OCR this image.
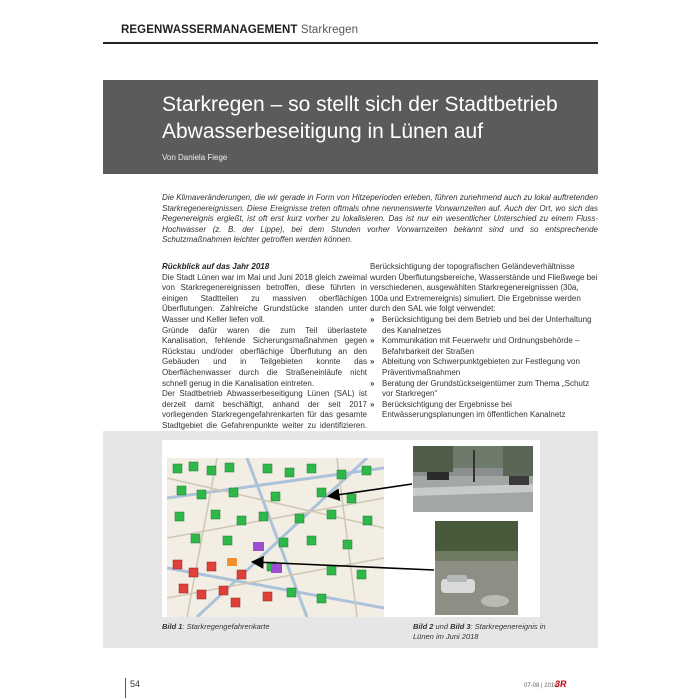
REGENWASSERMANAGEMENT Starkregen
Starkregen – so stellt sich der Stadtbetrieb
Abwasserbeseitigung in Lünen auf
Von Daniela Fiege
Die Klimaveränderungen, die wir gerade in Form von Hitzeperioden erleben, führen zunehmend auch zu lokal auftretenden Starkregenereignissen. Diese Ereignisse treten oftmals ohne nennenswerte Vorwarnzeiten auf. Auch der Ort, wo sich das Regenereignis ergießt, ist oft erst kurz vorher zu lokalisieren. Das ist nur ein wesentlicher Unterschied zu einem Fluss-Hochwasser (z. B. der Lippe), bei dem Stunden vorher Vorwarnzeiten bekannt sind und so entsprechende Schutzmaßnahmen leichter getroffen werden können.

Rückblick auf das Jahr 2018

Die Stadt Lünen war im Mai und Juni 2018 gleich zweimal von Starkregenereignissen betroffen, diese führten in einigen Stadtteilen zu massiven oberflächigen Überflutungen. Zahlreiche Grundstücke standen unter Wasser und Keller liefen voll.

Gründe dafür waren die zum Teil überlastete Kanalisation, fehlende Sicherungsmaßnahmen gegen Rückstau und/oder oberflächige Überflutung an den Gebäuden und in Teilgebieten konnte das Oberflächenwasser durch die Straßeneinläufe nicht schnell genug in die Kanalisation eintreten.

Der Stadtbetrieb Abwasserbeseitigung Lünen (SAL) ist derzeit damit beschäftigt, anhand der seit 2017 vorliegenden Starkregengefahrenkarten für das gesamte Stadtgebiet die Gefahrenpunkte weiter zu identifizieren.

Berücksichtigung der topografischen Geländeverhältnisse wurden Überflutungsbereiche, Wasserstände und Fließwege bei verschiedenen, ausgewählten Starkregenereignissen (30a, 100a und Extremereignis) simuliert. Die Ergebnisse werden durch den SAL wie folgt verwendet:

» Berücksichtigung bei dem Betrieb und bei der Unterhaltung des Kanalnetzes
» Kommunikation mit Feuerwehr und Ordnungsbehörde – Befahrbarkeit der Straßen
» Ableitung von Schwerpunktgebieten zur Festlegung von Präventivmaßnahmen
» Beratung der Grundstückseigentümer zum Thema „Schutz vor Starkregen“
» Berücksichtigung der Ergebnisse bei Entwässerungsplanungen im öffentlichen Kanalnetz
Bild 1: Starkregengefahrenkarte	Bild 2 und Bild 3: Starkregenereignis in Lünen im Juni 2018
54	07-08 | 2018
3R
